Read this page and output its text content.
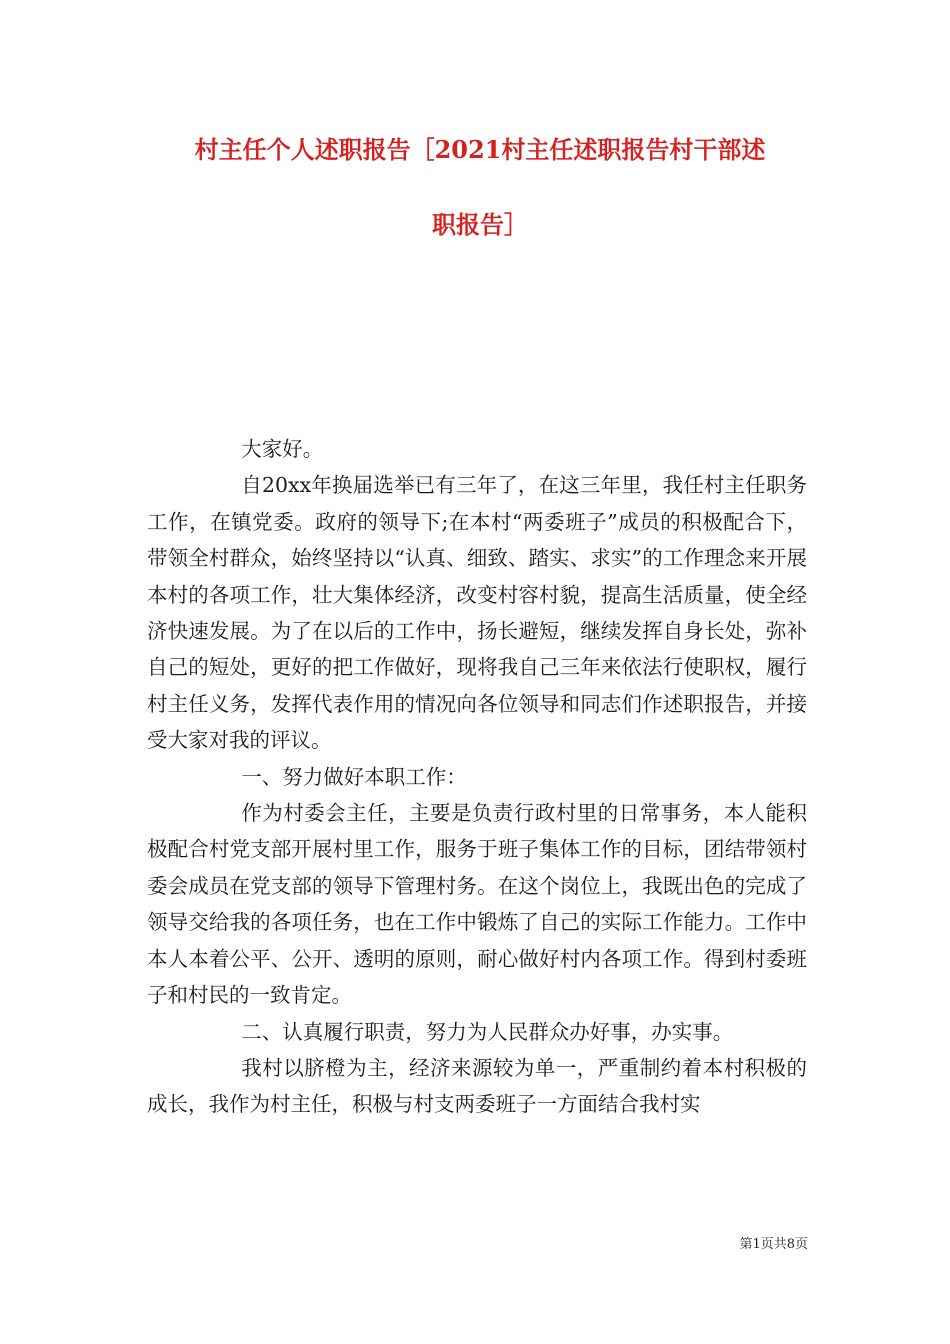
村主任个人述职报告［2021村主任述职报告村干部述
职报告］

大家好。

自20xx年换届选举已有三年了，在这三年里，我任村主任职务工作，在镇党委。政府的领导下;在本村“两委班子”成员的积极配合下，带领全村群众，始终坚持以“认真、细致、踏实、求实”的工作理念来开展本村的各项工作，壮大集体经济，改变村容村貌，提高生活质量，使全经济快速发展。为了在以后的工作中，扬长避短，继续发挥自身长处，弥补自己的短处，更好的把工作做好，现将我自己三年来依法行使职权，履行村主任义务，发挥代表作用的情况向各位领导和同志们作述职报告，并接受大家对我的评议。

一、努力做好本职工作：

作为村委会主任，主要是负责行政村里的日常事务，本人能积极配合村党支部开展村里工作，服务于班子集体工作的目标，团结带领村委会成员在党支部的领导下管理村务。在这个岗位上，我既出色的完成了领导交给我的各项任务，也在工作中锻炼了自己的实际工作能力。工作中本人本着公平、公开、透明的原则，耐心做好村内各项工作。得到村委班子和村民的一致肯定。

二、认真履行职责，努力为人民群众办好事，办实事。

我村以脐橙为主，经济来源较为单一，严重制约着本村积极的成长，我作为村主任，积极与村支两委班子一方面结合我村实

第1页共8页
